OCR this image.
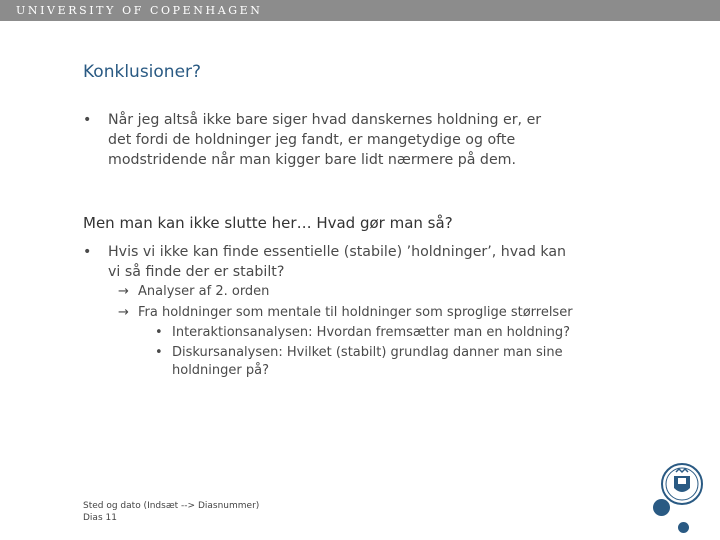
UNIVERSITY OF COPENHAGEN
Konklusioner?
• Når jeg altså ikke bare siger hvad danskernes holdning er, er
det fordi de holdninger jeg fandt, er mangetydige og ofte
modstridende når man kigger bare lidt nærmere på dem.
Men man kan ikke slutte her… Hvad gør man så?
• Hvis vi ikke kan finde essentielle (stabile) ’holdninger’, hvad kan
vi så finde der er stabilt?
→ Analyser af 2. orden
→ Fra holdninger som mentale til holdninger som sproglige størrelser
• Interaktionsanalysen: Hvordan fremsætter man en holdning?
• Diskursanalysen: Hvilket (stabilt) grundlag danner man sine
holdninger på?
Sted og dato (Indsæt --> Diasnummer)
Dias 11
